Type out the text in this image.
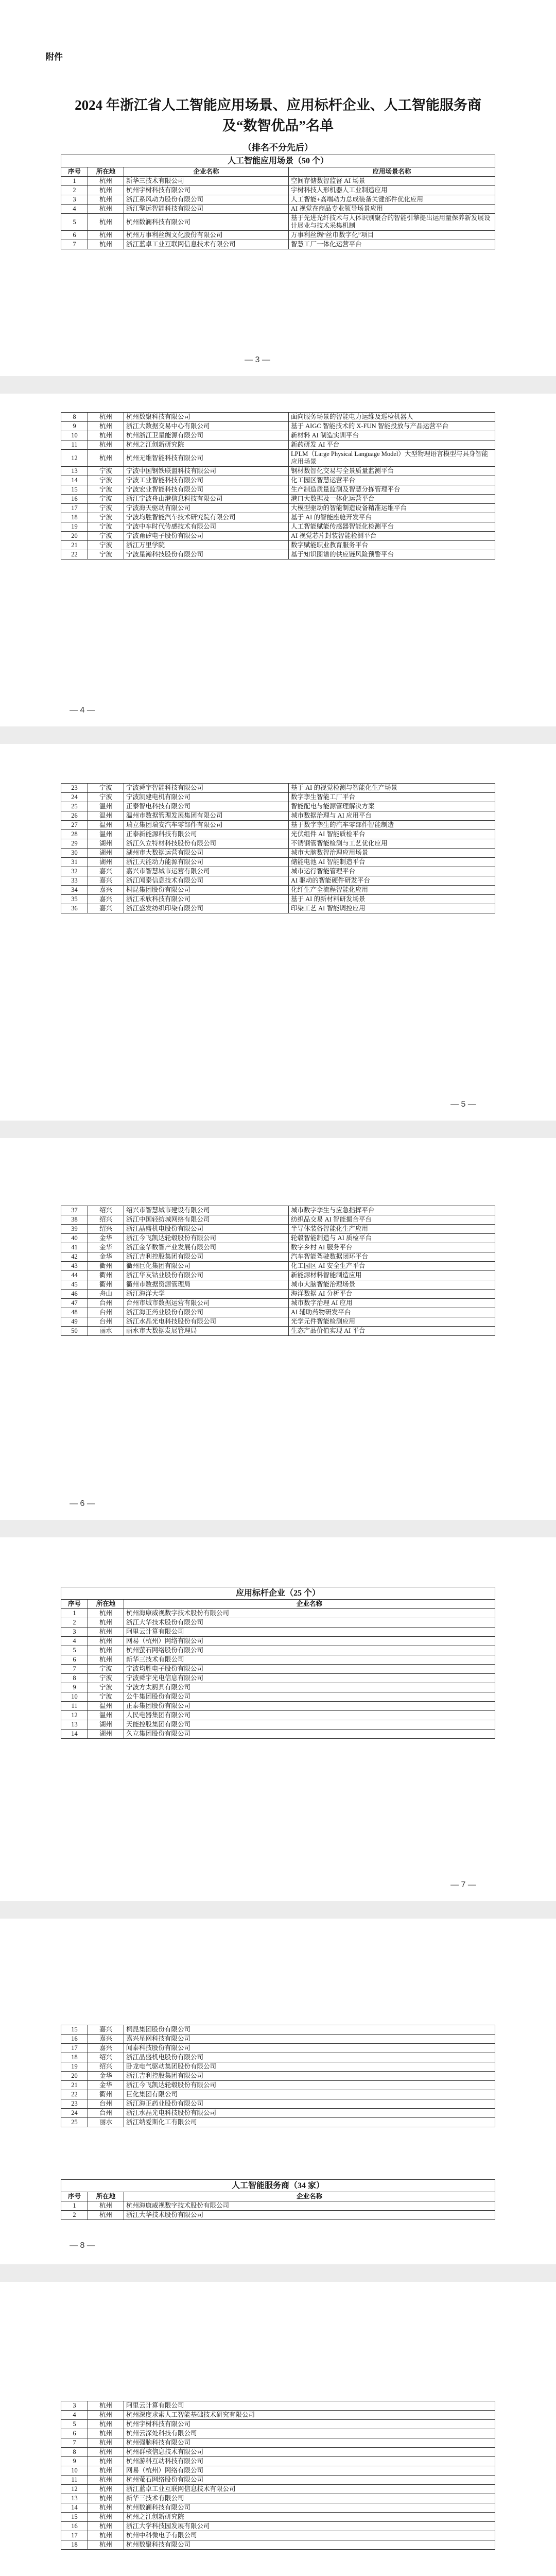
附件
2024 年浙江省人工智能应用场景、应用标杆企业、人工智能服务商
及“数智优品”名单
（排名不分先后）
人工智能应用场景（50 个）			
序号	所在地	企业名称	应用场景名称
1	杭州	新华三技术有限公司	空间存储数智监督 AI 场景
2	杭州	杭州宇树科技有限公司	宇树科技人形机器人工业制造应用
3	杭州	浙江系风动力股份有限公司	人工智能+高端动力总成装备关键部件优化应用
4	杭州	浙江擎远智能科技有限公司	AI 视觉在商品专业领导场景应用
5	杭州	杭州数澜科技有限公司	基于先进光纤技术与人体识别聚合的智能引擎提出运用量保养新发展设计展业与技术采集机制
6	杭州	杭州万事利丝绸文化股份有限公司	万事利丝绸“丝巾数字化”项目
7	杭州	浙江蓝卓工业互联网信息技术有限公司	智慧工厂一体化运营平台
— 3 —
8	杭州	杭州数聚科技有限公司	面向服务场景的智能电力运维及巡检机器人
9	杭州	浙江大数据交易中心有限公司	基于 AIGC 智能技术的 X-FUN 智能投放与产品运营平台
10	杭州	杭州浙江卫星能源有限公司	新材料 AI 制造实训平台
11	杭州	杭州之江创新研究院	新药研发 AI 平台
12	杭州	杭州无维智能科技有限公司	LPLM（Large Physical Language Model）大型物理语言模型与具身智能应用场景
13	宁波	宁波中国钢铁联盟科技有限公司	钢材数智化交易与全景质量监测平台
14	宁波	宁波工业智能科技有限公司	化工园区智慧运营平台
15	宁波	宁波宏业智能科技有限公司	生产制造质量监测及智慧分拣管理平台
16	宁波	浙江宁波舟山港信息科技有限公司	港口大数据及一体化运营平台
17	宁波	宁波海天驱动有限公司	大模型驱动的智能制造设备精准运维平台
18	宁波	宁波均胜智能汽车技术研究院有限公司	基于 AI 的智能座舱开发平台
19	宁波	宁波中车时代传感技术有限公司	人工智能赋能传感器智能化检测平台
20	宁波	宁波甬矽电子股份有限公司	AI 视觉芯片封装智能检测平台
21	宁波	浙江万里学院	数字赋能职业教育服务平台
22	宁波	宁波星瀚科技股份有限公司	基于知识图谱的供应链风险预警平台
— 4 —
23	宁波	宁波舜宇智能科技有限公司	基于 AI 的视觉检测与智能化生产场景
24	宁波	宁波凯建电机有限公司	数字孪生智能工厂平台
25	温州	正泰智电科技有限公司	智能配电与能源管理解决方案
26	温州	温州市数据管理发展集团有限公司	城市数据治理与 AI 应用平台
27	温州	瑞立集团瑞安汽车零部件有限公司	基于数字孪生的汽车零部件智能制造
28	温州	正泰新能源科技有限公司	光伏组件 AI 智能质检平台
29	湖州	浙江久立特材科技股份有限公司	不锈钢管智能检测与工艺优化应用
30	湖州	湖州市大数据运营有限公司	城市大脑数智治理应用场景
31	湖州	浙江天能动力能源有限公司	储能电池 AI 智能制造平台
32	嘉兴	嘉兴市智慧城市运营有限公司	城市运行智能管理平台
33	嘉兴	浙江闻泰信息技术有限公司	AI 驱动的智能硬件研发平台
34	嘉兴	桐昆集团股份有限公司	化纤生产全流程智能化应用
35	嘉兴	浙江禾欣科技有限公司	基于 AI 的新材料研发场景
36	嘉兴	浙江盛发纺织印染有限公司	印染工艺 AI 智能调控应用
— 5 —
37	绍兴	绍兴市智慧城市建设有限公司	城市数字孪生与应急指挥平台
38	绍兴	浙江中国轻纺城网络有限公司	纺织品交易 AI 智能撮合平台
39	绍兴	浙江晶盛机电股份有限公司	半导体装备智能化生产应用
40	金华	浙江今飞凯达轮毂股份有限公司	轮毂智能制造与 AI 质检平台
41	金华	浙江金华数智产业发展有限公司	数字乡村 AI 服务平台
42	金华	浙江吉利控股集团有限公司	汽车智能驾驶数据闭环平台
43	衢州	衢州巨化集团有限公司	化工园区 AI 安全生产平台
44	衢州	浙江华友钴业股份有限公司	新能源材料智能制造应用
45	衢州	衢州市数据资源管理局	城市大脑智能治理场景
46	舟山	浙江海洋大学	海洋数据 AI 分析平台
47	台州	台州市城市数据运营有限公司	城市数字治理 AI 应用
48	台州	浙江海正药业股份有限公司	AI 辅助药物研发平台
49	台州	浙江水晶光电科技股份有限公司	光学元件智能检测应用
50	丽水	丽水市大数据发展管理局	生态产品价值实现 AI 平台
— 6 —
应用标杆企业（25 个）		
序号	所在地	企业名称
1	杭州	杭州海康威视数字技术股份有限公司
2	杭州	浙江大华技术股份有限公司
3	杭州	阿里云计算有限公司
4	杭州	网易（杭州）网络有限公司
5	杭州	杭州萤石网络股份有限公司
6	杭州	新华三技术有限公司
7	宁波	宁波均胜电子股份有限公司
8	宁波	宁波舜宇光电信息有限公司
9	宁波	宁波方太厨具有限公司
10	宁波	公牛集团股份有限公司
11	温州	正泰集团股份有限公司
12	温州	人民电器集团有限公司
13	湖州	天能控股集团有限公司
14	湖州	久立集团股份有限公司
— 7 —
15	嘉兴	桐昆集团股份有限公司
16	嘉兴	嘉兴星网科技有限公司
17	嘉兴	闻泰科技股份有限公司
18	绍兴	浙江晶盛机电股份有限公司
19	绍兴	卧龙电气驱动集团股份有限公司
20	金华	浙江吉利控股集团有限公司
21	金华	浙江今飞凯达轮毂股份有限公司
22	衢州	巨化集团有限公司
23	台州	浙江海正药业股份有限公司
24	台州	浙江水晶光电科技股份有限公司
25	丽水	浙江纳爱斯化工有限公司
人工智能服务商（34 家）		
序号	所在地	企业名称
1	杭州	杭州海康威视数字技术股份有限公司
2	杭州	浙江大华技术股份有限公司
— 8 —
3	杭州	阿里云计算有限公司
4	杭州	杭州深度求索人工智能基础技术研究有限公司
5	杭州	杭州宇树科技有限公司
6	杭州	杭州云深处科技有限公司
7	杭州	杭州强脑科技有限公司
8	杭州	杭州群核信息技术有限公司
9	杭州	杭州游科互动科技有限公司
10	杭州	网易（杭州）网络有限公司
11	杭州	杭州萤石网络股份有限公司
12	杭州	浙江蓝卓工业互联网信息技术有限公司
13	杭州	新华三技术有限公司
14	杭州	杭州数澜科技有限公司
15	杭州	杭州之江创新研究院
16	杭州	浙江大学科技园发展有限公司
17	杭州	杭州中科微电子有限公司
18	杭州	杭州数聚科技有限公司
